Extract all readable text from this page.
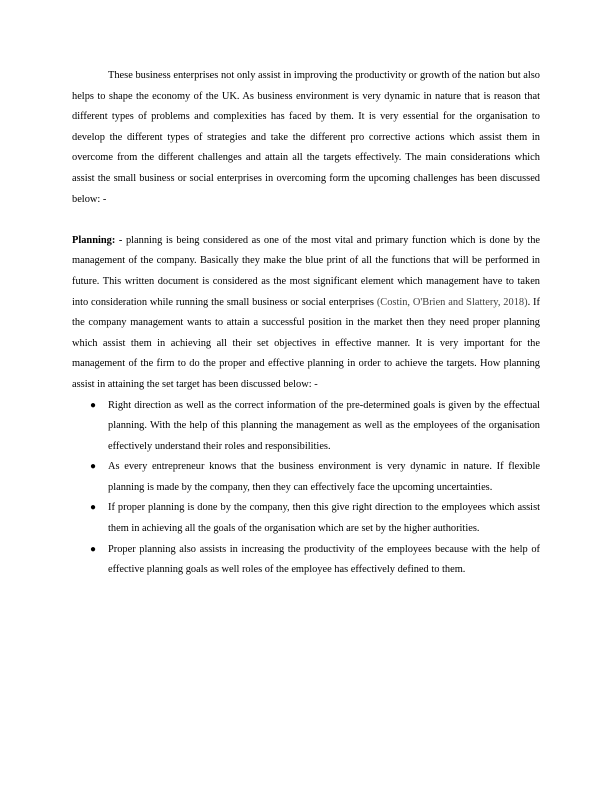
These business enterprises not only assist in improving the productivity or growth of the nation but also helps to shape the economy of the UK. As business environment is very dynamic in nature that is reason that different types of problems and complexities has faced by them. It is very essential for the organisation to develop the different types of strategies and take the different pro corrective actions which assist them in overcome from the different challenges and attain all the targets effectively. The main considerations which assist the small business or social enterprises in overcoming form the upcoming challenges has been discussed below: -

Planning: - planning is being considered as one of the most vital and primary function which is done by the management of the company. Basically they make the blue print of all the functions that will be performed in future. This written document is considered as the most significant element which management have to taken into consideration while running the small business or social enterprises (Costin, O'Brien and Slattery, 2018). If the company management wants to attain a successful position in the market then they need proper planning which assist them in achieving all their set objectives in effective manner. It is very important for the management of the firm to do the proper and effective planning in order to achieve the targets. How planning assist in attaining the set target has been discussed below: -

● Right direction as well as the correct information of the pre-determined goals is given by the effectual planning. With the help of this planning the management as well as the employees of the organisation effectively understand their roles and responsibilities.
● As every entrepreneur knows that the business environment is very dynamic in nature. If flexible planning is made by the company, then they can effectively face the upcoming uncertainties.
● If proper planning is done by the company, then this give right direction to the employees which assist them in achieving all the goals of the organisation which are set by the higher authorities.
● Proper planning also assists in increasing the productivity of the employees because with the help of effective planning goals as well roles of the employee has effectively defined to them.
